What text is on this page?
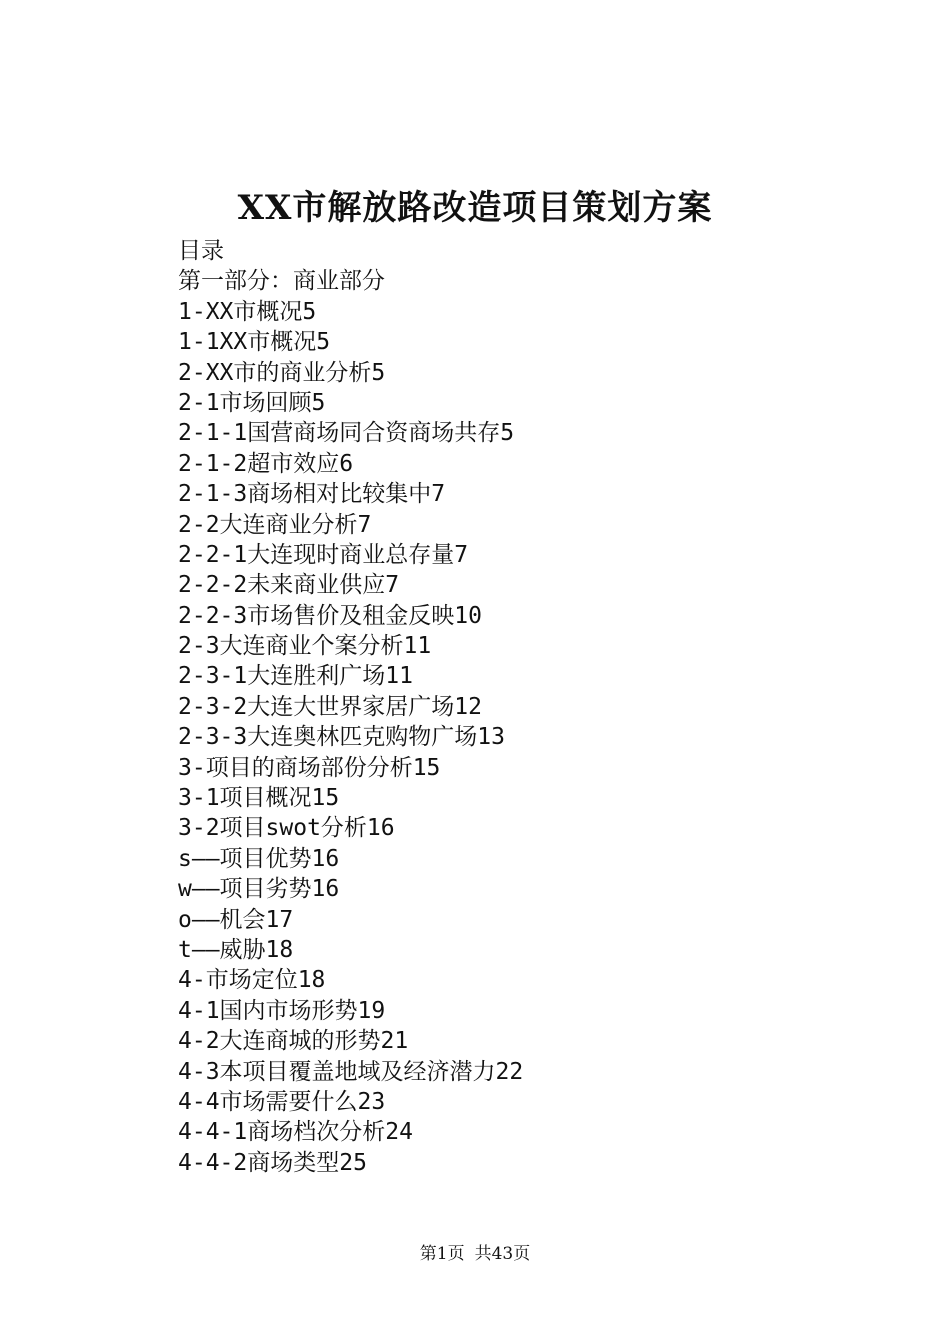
XX市解放路改造项目策划方案
目录
第一部分：商业部分
1-XX市概况5
1-1XX市概况5
2-XX市的商业分析5
2-1市场回顾5
2-1-1国营商场同合资商场共存5
2-1-2超市效应6
2-1-3商场相对比较集中7
2-2大连商业分析7
2-2-1大连现时商业总存量7
2-2-2未来商业供应7
2-2-3市场售价及租金反映10
2-3大连商业个案分析11
2-3-1大连胜利广场11
2-3-2大连大世界家居广场12
2-3-3大连奥林匹克购物广场13
3-项目的商场部份分析15
3-1项目概况15
3-2项目swot分析16
s——项目优势16
w——项目劣势16
o——机会17
t——威胁18
4-市场定位18
4-1国内市场形势19
4-2大连商城的形势21
4-3本项目覆盖地域及经济潜力22
4-4市场需要什么23
4-4-1商场档次分析24
4-4-2商场类型25
第1页 共43页
